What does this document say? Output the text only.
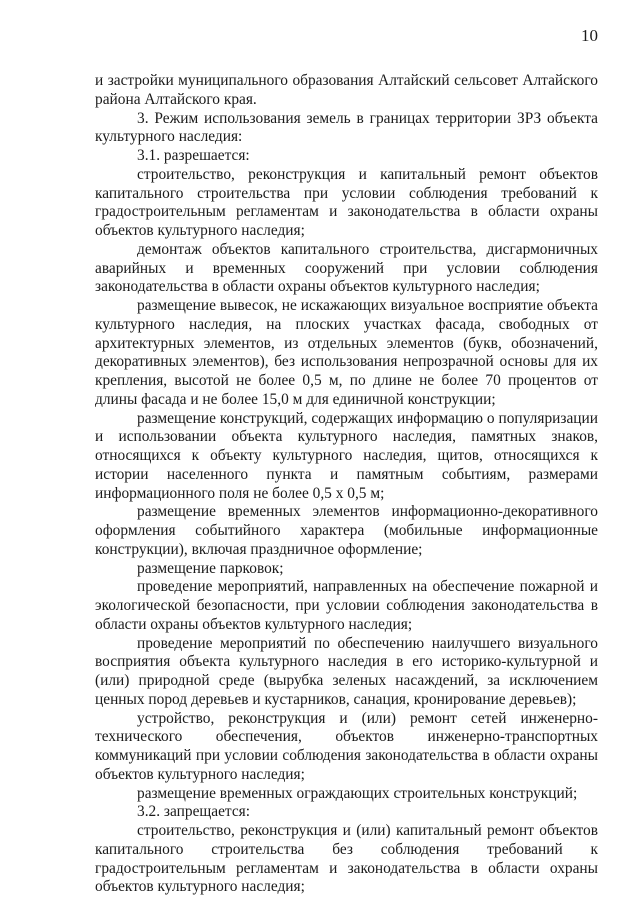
10

и застройки муниципального образования Алтайский сельсовет Алтайского района Алтайского края.

3. Режим использования земель в границах территории ЗРЗ объекта культурного наследия:

3.1. разрешается:

строительство, реконструкция и капитальный ремонт объектов капитального строительства при условии соблюдения требований к градостроительным регламентам и законодательства в области охраны объектов культурного наследия;

демонтаж объектов капитального строительства, дисгармоничных аварийных и временных сооружений при условии соблюдения законодательства в области охраны объектов культурного наследия;

размещение вывесок, не искажающих визуальное восприятие объекта культурного наследия, на плоских участках фасада, свободных от архитектурных элементов, из отдельных элементов (букв, обозначений, декоративных элементов), без использования непрозрачной основы для их крепления, высотой не более 0,5 м, по длине не более 70 процентов от длины фасада и не более 15,0 м для единичной конструкции;

размещение конструкций, содержащих информацию о популяризации и использовании объекта культурного наследия, памятных знаков, относящихся к объекту культурного наследия, щитов, относящихся к истории населенного пункта и памятным событиям, размерами информационного поля не более 0,5 х 0,5 м;

размещение временных элементов информационно-декоративного оформления событийного характера (мобильные информационные конструкции), включая праздничное оформление;

размещение парковок;

проведение мероприятий, направленных на обеспечение пожарной и экологической безопасности, при условии соблюдения законодательства в области охраны объектов культурного наследия;

проведение мероприятий по обеспечению наилучшего визуального восприятия объекта культурного наследия в его историко-культурной и (или) природной среде (вырубка зеленых насаждений, за исключением ценных пород деревьев и кустарников, санация, кронирование деревьев);

устройство, реконструкция и (или) ремонт сетей инженерно-технического обеспечения, объектов инженерно-транспортных коммуникаций при условии соблюдения законодательства в области охраны объектов культурного наследия;

размещение временных ограждающих строительных конструкций;

3.2. запрещается:

строительство, реконструкция и (или) капитальный ремонт объектов капитального строительства без соблюдения требований к градостроительным регламентам и законодательства в области охраны объектов культурного наследия;
